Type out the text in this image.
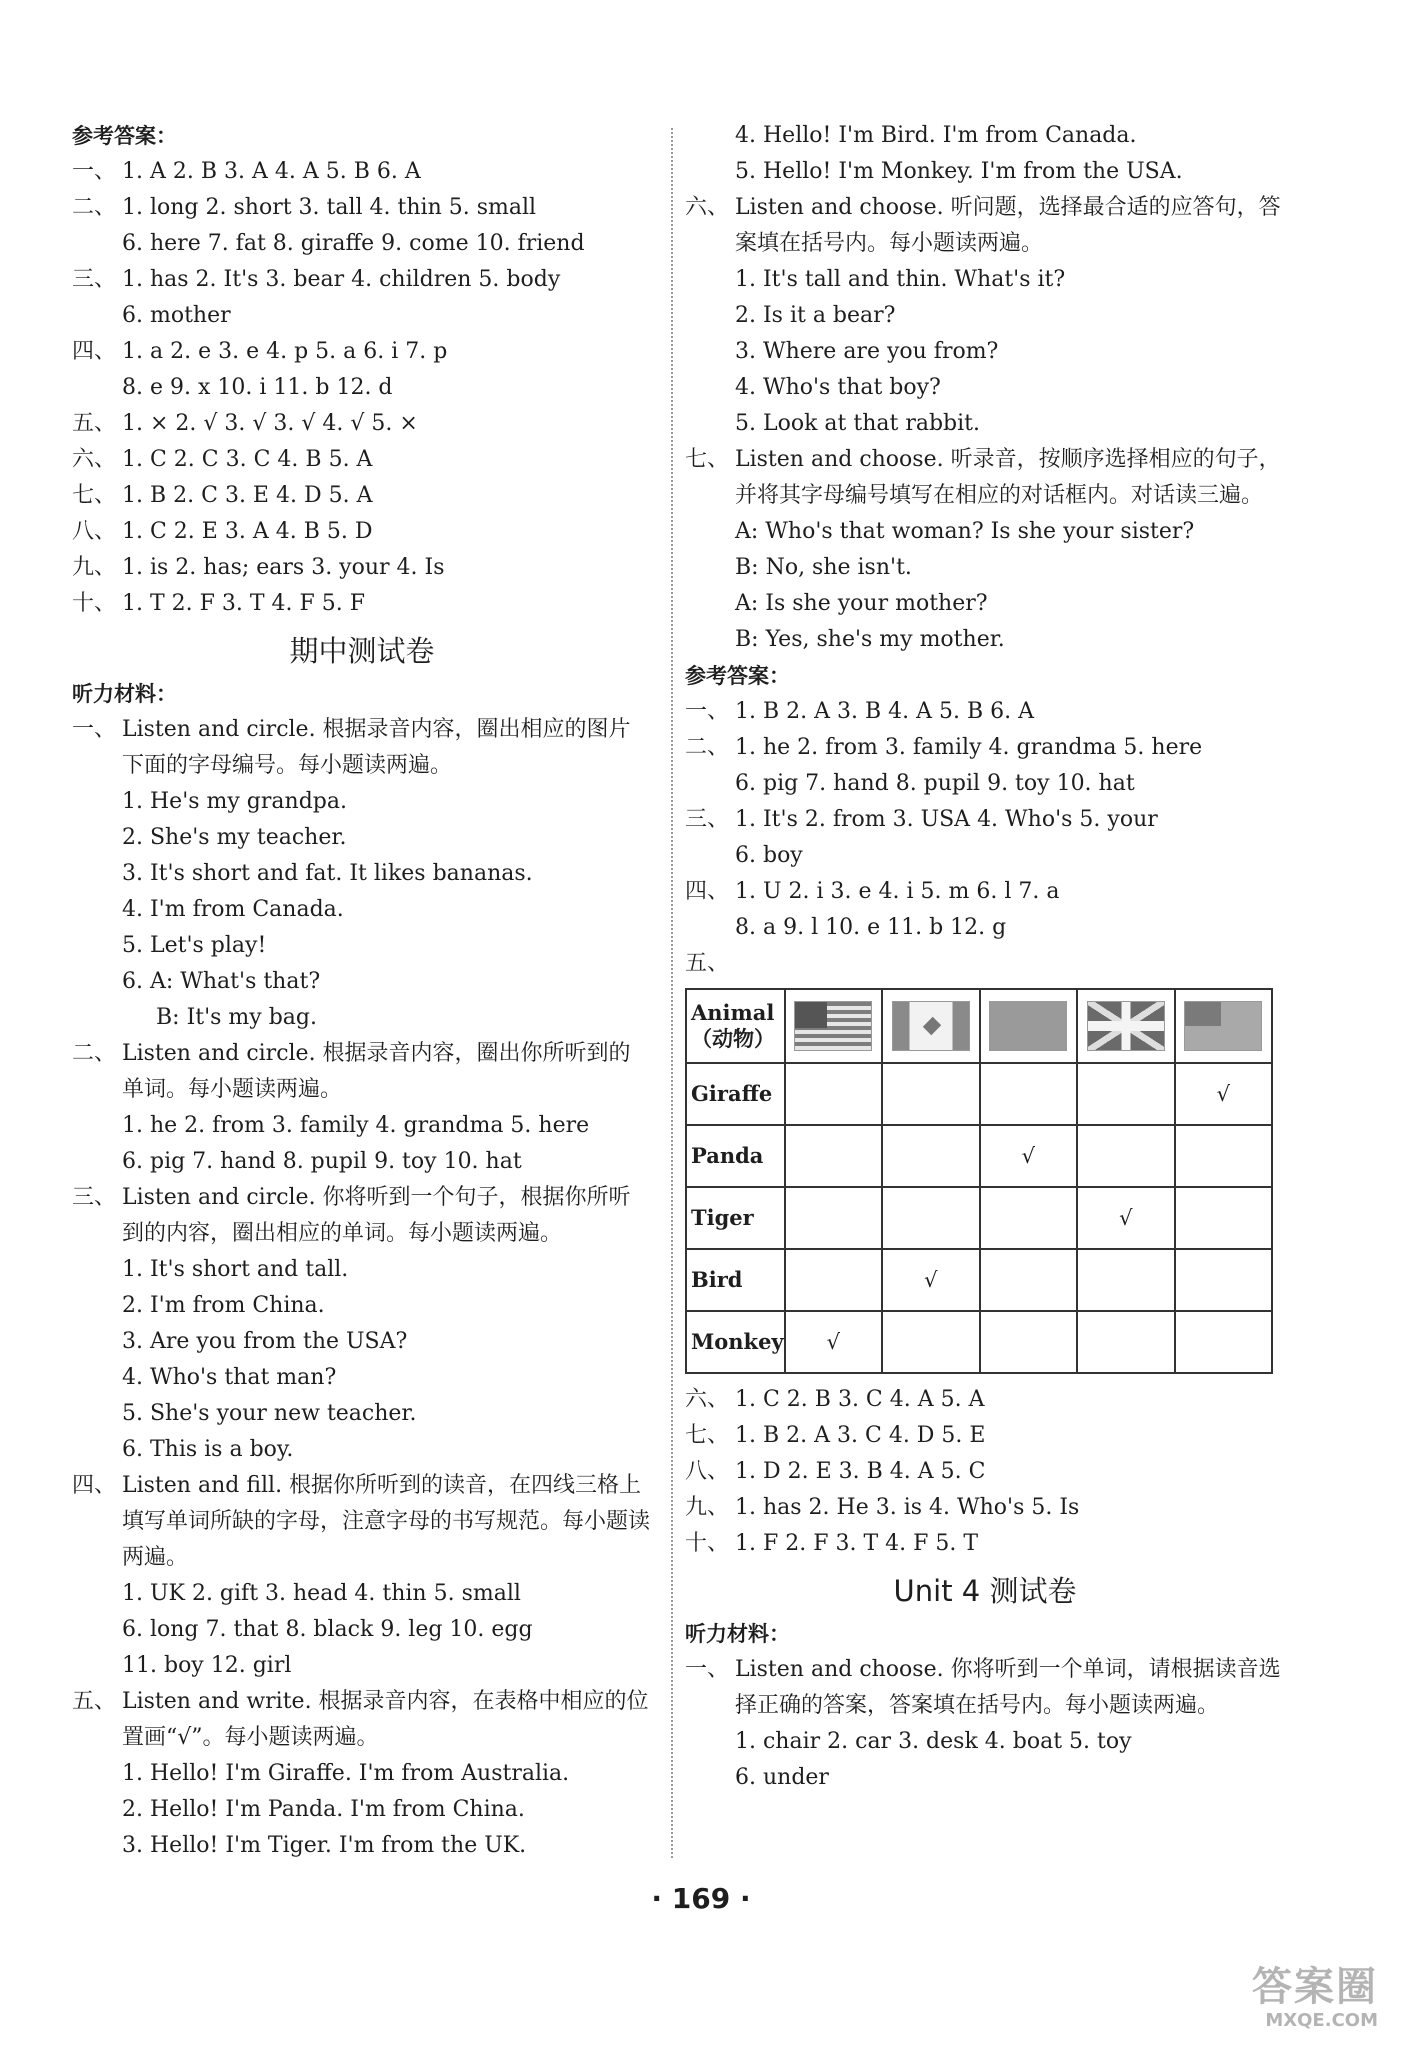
参考答案：
一、 1. A 2. B 3. A 4. A 5. B 6. A
二、 1. long 2. short 3. tall 4. thin 5. small
6. here 7. fat 8. giraffe 9. come 10. friend
三、 1. has 2. It's 3. bear 4. children 5. body
6. mother
四、 1. a 2. e 3. e 4. p 5. a 6. i 7. p
8. e 9. x 10. i 11. b 12. d
五、 1. × 2. √ 3. √ 3. √ 4. √ 5. ×
六、 1. C 2. C 3. C 4. B 5. A
七、 1. B 2. C 3. E 4. D 5. A
八、 1. C 2. E 3. A 4. B 5. D
九、 1. is 2. has; ears 3. your 4. Is
十、 1. T 2. F 3. T 4. F 5. F
期中测试卷
听力材料：
一、 Listen and circle. 根据录音内容，圈出相应的图片下面的字母编号。每小题读两遍。
1. He's my grandpa.
2. She's my teacher.
3. It's short and fat. It likes bananas.
4. I'm from Canada.
5. Let's play!
6. A: What's that?
B: It's my bag.
二、 Listen and circle. 根据录音内容，圈出你所听到的单词。每小题读两遍。
1. he 2. from 3. family 4. grandma 5. here
6. pig 7. hand 8. pupil 9. toy 10. hat
三、 Listen and circle. 你将听到一个句子，根据你所听到的内容，圈出相应的单词。每小题读两遍。
1. It's short and tall.
2. I'm from China.
3. Are you from the USA?
4. Who's that man?
5. She's your new teacher.
6. This is a boy.
四、 Listen and fill. 根据你所听到的读音，在四线三格上填写单词所缺的字母，注意字母的书写规范。每小题读两遍。
1. UK 2. gift 3. head 4. thin 5. small
6. long 7. that 8. black 9. leg 10. egg
11. boy 12. girl
五、 Listen and write. 根据录音内容，在表格中相应的位置画“√”。每小题读两遍。
1. Hello! I'm Giraffe. I'm from Australia.
2. Hello! I'm Panda. I'm from China.
3. Hello! I'm Tiger. I'm from the UK.
4. Hello! I'm Bird. I'm from Canada.
5. Hello! I'm Monkey. I'm from the USA.
六、 Listen and choose. 听问题，选择最合适的应答句，答案填在括号内。每小题读两遍。
1. It's tall and thin. What's it?
2. Is it a bear?
3. Where are you from?
4. Who's that boy?
5. Look at that rabbit.
七、 Listen and choose. 听录音，按顺序选择相应的句子，并将其字母编号填写在相应的对话框内。对话读三遍。
A: Who's that woman? Is she your sister?
B: No, she isn't.
A: Is she your mother?
B: Yes, she's my mother.
参考答案：
一、 1. B 2. A 3. B 4. A 5. B 6. A
二、 1. he 2. from 3. family 4. grandma 5. here
6. pig 7. hand 8. pupil 9. toy 10. hat
三、 1. It's 2. from 3. USA 4. Who's 5. your
6. boy
四、 1. U 2. i 3. e 4. i 5. m 6. l 7. a
8. a 9. l 10. e 11. b 12. g
五、
Animal（动物）	

Giraffe					√
Panda			√		
Tiger				√	
Bird		√			
Monkey	√				
六、 1. C 2. B 3. C 4. A 5. A
七、 1. B 2. A 3. C 4. D 5. E
八、 1. D 2. E 3. B 4. A 5. C
九、 1. has 2. He 3. is 4. Who's 5. Is
十、 1. F 2. F 3. T 4. F 5. T
Unit 4 测试卷
听力材料：
一、 Listen and choose. 你将听到一个单词，请根据读音选择正确的答案，答案填在括号内。每小题读两遍。
1. chair 2. car 3. desk 4. boat 5. toy
6. under
· 169 ·
答案圈
MXQE.COM
